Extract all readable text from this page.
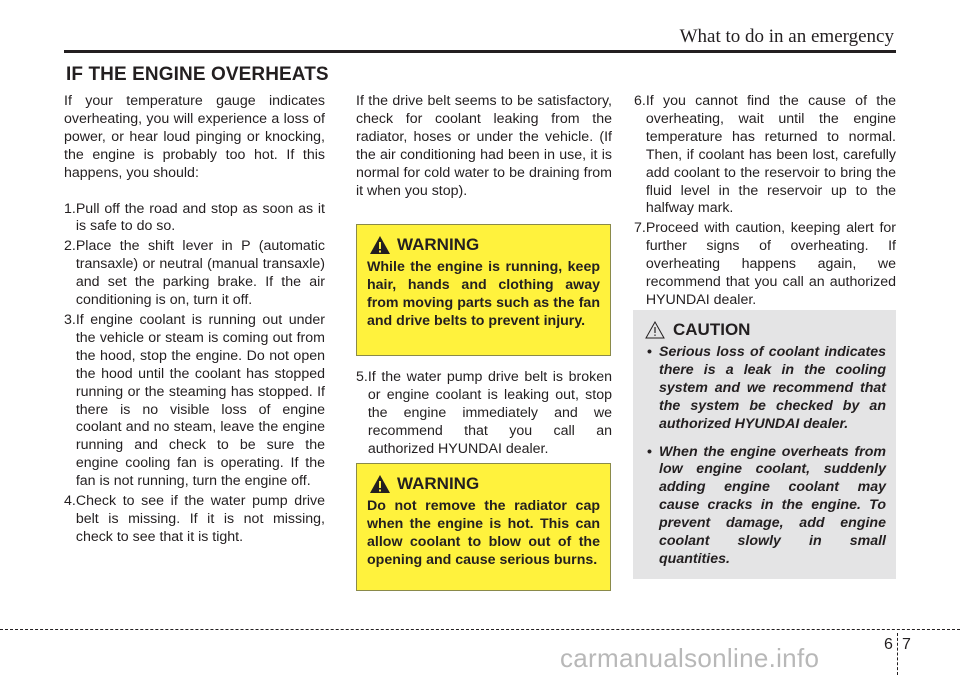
What to do in an emergency
IF THE ENGINE OVERHEATS

If your temperature gauge indicates overheating, you will experience a loss of power, or hear loud pinging or knocking, the engine is probably too hot. If this happens, you should:

1. Pull off the road and stop as soon as it is safe to do so.
2. Place the shift lever in P (automatic transaxle) or neutral (manual transaxle) and set the parking brake. If the air conditioning is on, turn it off.
3. If engine coolant is running out under the vehicle or steam is coming out from the hood, stop the engine. Do not open the hood until the coolant has stopped running or the steaming has stopped. If there is no visible loss of engine coolant and no steam, leave the engine running and check to be sure the engine cooling fan is operating. If the fan is not running, turn the engine off.
4. Check to see if the water pump drive belt is missing. If it is not missing, check to see that it is tight.

If the drive belt seems to be satisfactory, check for coolant leaking from the radiator, hoses or under the vehicle. (If the air conditioning had been in use, it is normal for cold water to be draining from it when you stop).

WARNING
While the engine is running, keep hair, hands and clothing away from moving parts such as the fan and drive belts to prevent injury.
5. If the water pump drive belt is broken or engine coolant is leaking out, stop the engine immediately and we recommend that you call an authorized HYUNDAI dealer.
WARNING
Do not remove the radiator cap when the engine is hot. This can allow coolant to blow out of the opening and cause serious burns.
6. If you cannot find the cause of the overheating, wait until the engine temperature has returned to normal. Then, if coolant has been lost, carefully add coolant to the reservoir to bring the fluid level in the reservoir up to the halfway mark.
7. Proceed with caution, keeping alert for further signs of overheating. If overheating happens again, we recommend that you call an authorized HYUNDAI dealer.
CAUTION
• Serious loss of coolant indicates there is a leak in the cooling system and we recommend that the system be checked by an authorized HYUNDAI dealer.
• When the engine overheats from low engine coolant, suddenly adding engine coolant may cause cracks in the engine. To prevent damage, add engine coolant slowly in small quantities.
carmanualsonline.info	6 7
